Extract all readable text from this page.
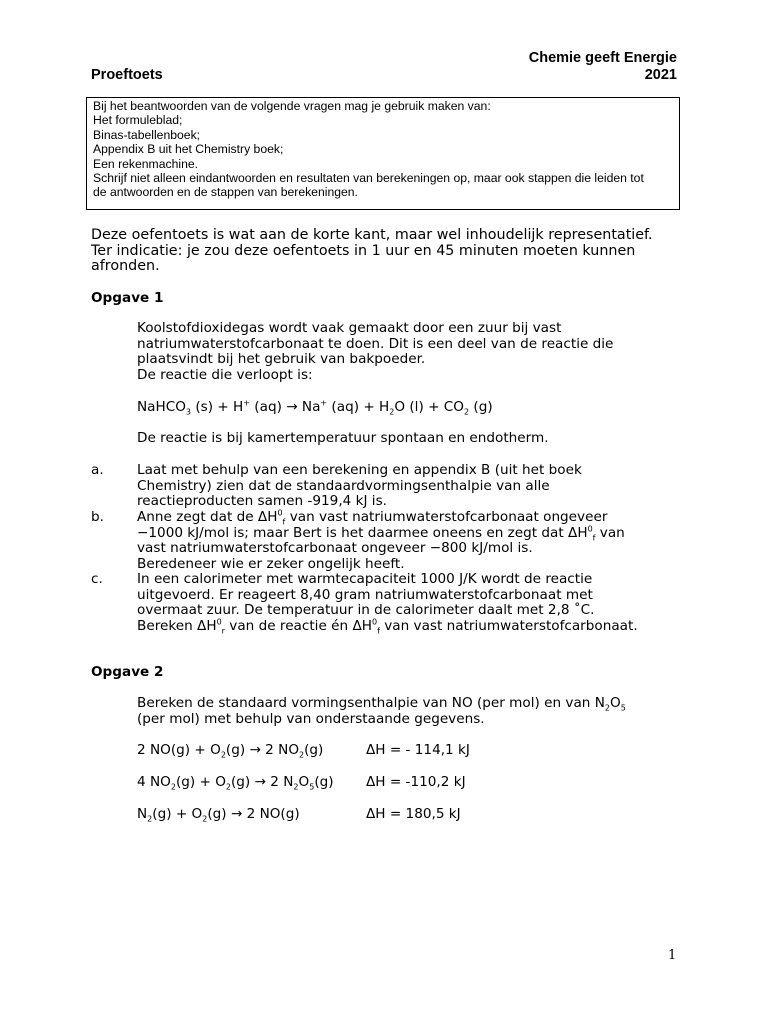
Proeftoets
Chemie geeft Energie
2021
Bij het beantwoorden van de volgende vragen mag je gebruik maken van:
Het formuleblad;
Binas-tabellenboek;
Appendix B uit het Chemistry boek;
Een rekenmachine.
Schrijf niet alleen eindantwoorden en resultaten van berekeningen op, maar ook stappen die leiden tot
de antwoorden en de stappen van berekeningen.
Deze oefentoets is wat aan de korte kant, maar wel inhoudelijk representatief.
Ter indicatie: je zou deze oefentoets in 1 uur en 45 minuten moeten kunnen
afronden.
Opgave 1
Koolstofdioxidegas wordt vaak gemaakt door een zuur bij vast
natriumwaterstofcarbonaat te doen. Dit is een deel van de reactie die
plaatsvindt bij het gebruik van bakpoeder.
De reactie die verloopt is:
NaHCO$_3$ (s) + H+ (aq) → Na+ $(aq) + H_2O$ $(l) + CO_2$ (g)
De reactie is bij kamertemperatuur spontaan en endotherm.
a. Laat met behulp van een berekening en appendix B (uit het boek
Chemistry) zien dat de standaardvormingsenthalpie van alle
reactieproducten samen -919,4 kJ is.
b. Anne zegt dat de $\Delta H^0_f$ van vast natriumwaterstofcarbonaat ongeveer
−1000 kJ/mol is; maar Bert is het daarmee oneens en zegt dat $\Delta H^0_f$ van
vast natriumwaterstofcarbonaat ongeveer −800 kJ/mol is.
Beredeneer wie er zeker ongelijk heeft.
c.	In een calorimeter met warmtecapaciteit 1000 J/K wordt de reactie
uitgevoerd. Er reageert 8,40 gram natriumwaterstofcarbonaat met
overmaat zuur. De temperatuur in de calorimeter daalt met 2,8 ˚C.
Bereken $\Delta H^0_r$ van de reactie én $\Delta H^0_f$ van vast natriumwaterstofcarbonaat.
Opgave 2
Bereken de standaard vormingsenthalpie van NO (per mol) en van $N_2O_5$
(per mol) met behulp van onderstaande gegevens.
2 $NO(g) + O_2(g) \to 2$ $NO_2(g)$	ΔH = - 114,1 kJ
4 $NO_2(g) + O_2(g) \to 2$ $N_2O_5(g) \Delta H = -110,2$ kJ
$N_2(g) + O_2(g) \to 2$ NO(g)	ΔH = 180,5 kJ
1
